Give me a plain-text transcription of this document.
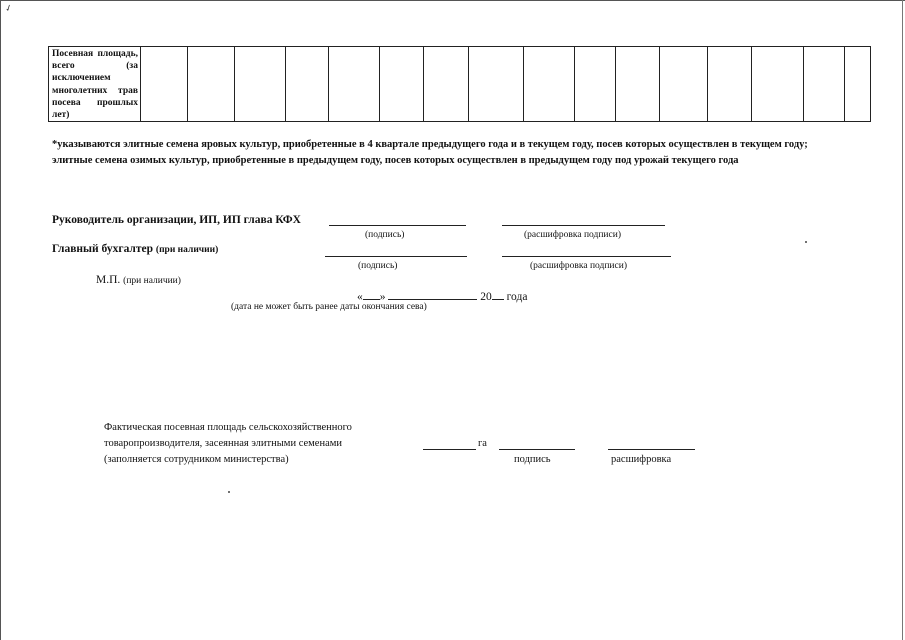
✓
Посевная площадь, всего (за исключением многолетних трав посева прошлых лет)																
*указываются элитные семена яровых культур, приобретенные в 4 квартале предыдущего года и в текущем году, посев которых осуществлен в текущем году; элитные семена озимых культур, приобретенные в предыдущем году, посев которых осуществлен в предыдущем году под урожай текущего года
Руководитель организации, ИП, ИП глава КФХ
(подпись)	(расшифровка подписи)
Главный бухгалтер (при наличии)
(подпись)	(расшифровка подписи)
М.П. (при наличии)
« »	20 года
(дата не может быть ранее даты окончания сева)
Фактическая посевная площадь сельскохозяйственного
товаропроизводителя, засеянная элитными семенами
(заполняется сотрудником министерства)
га
подпись	расшифровка
